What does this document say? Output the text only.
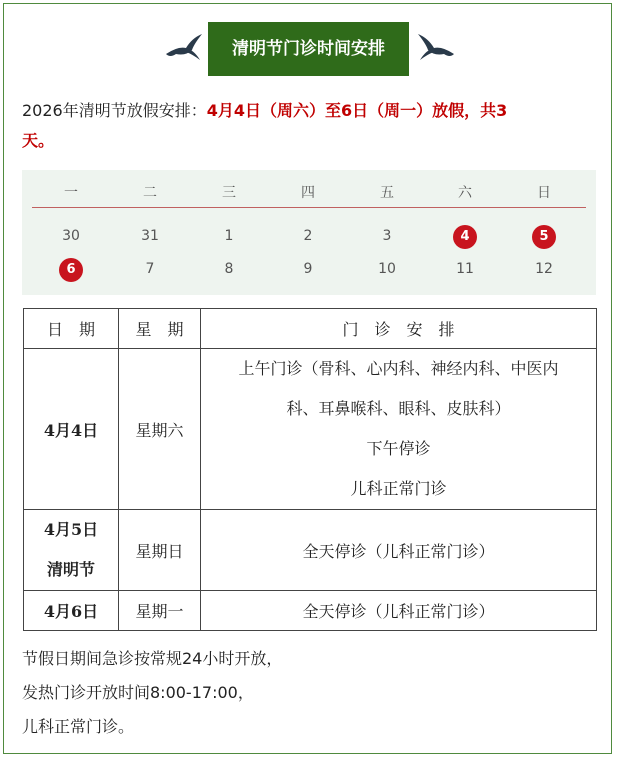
清明节门诊时间安排
2026年清明节放假安排：4月4日（周六）至6日（周一）放假，共3
天。
一	二	三	四	五	六	日
30	31	1	2	3	4	5
6	7	8	9	10	11	12
日　期	星　期	门　诊　安　排
4月4日	星期六	上午门诊（骨科、心内科、神经内科、中医内
科、耳鼻喉科、眼科、皮肤科）
下午停诊
儿科正常门诊

4月5日
清明节	星期日	全天停诊（儿科正常门诊）
4月6日	星期一	全天停诊（儿科正常门诊）
节假日期间急诊按常规24小时开放，
发热门诊开放时间8:00-17:00，
儿科正常门诊。
